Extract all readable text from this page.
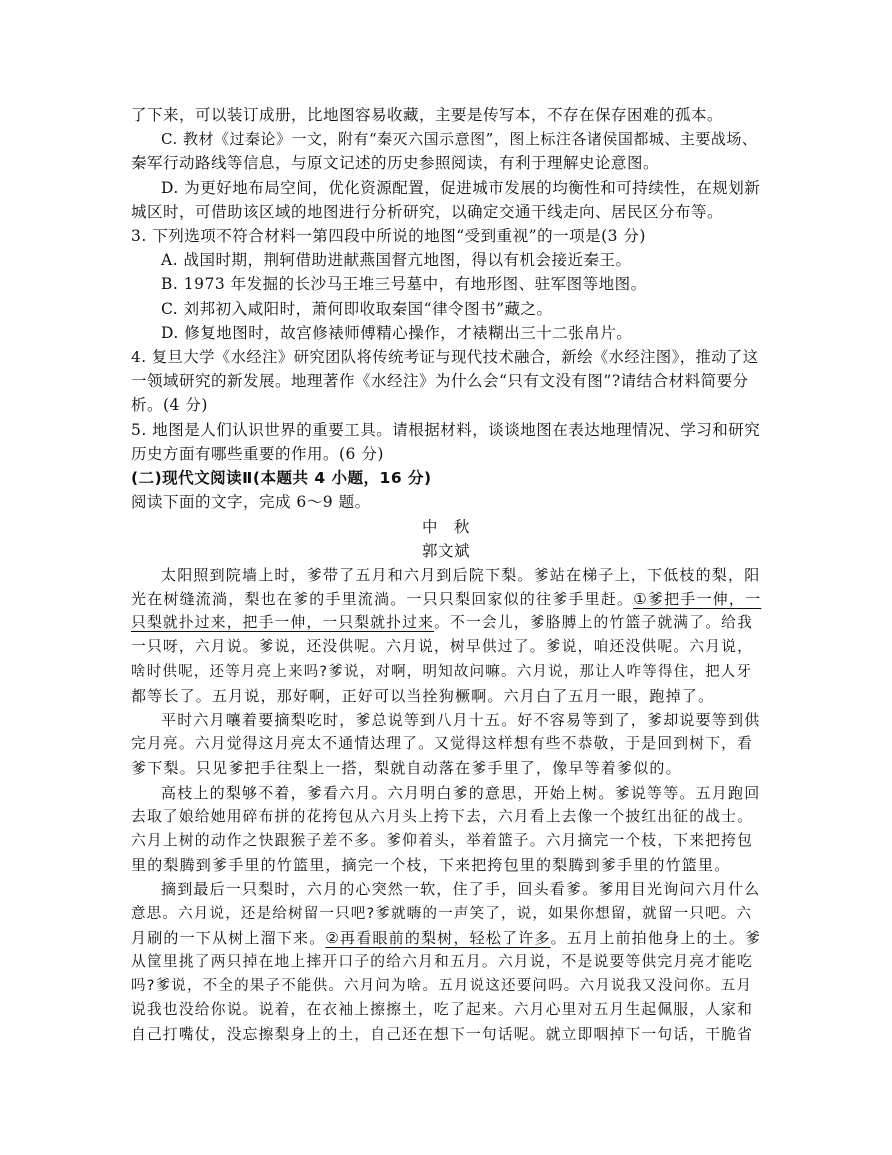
了下来，可以装订成册，比地图容易收藏，主要是传写本，不存在保存困难的孤本。
C. 教材《过秦论》一文，附有“秦灭六国示意图”，图上标注各诸侯国都城、主要战场、
秦军行动路线等信息，与原文记述的历史参照阅读，有利于理解史论意图。
D. 为更好地布局空间，优化资源配置，促进城市发展的均衡性和可持续性，在规划新
城区时，可借助该区域的地图进行分析研究，以确定交通干线走向、居民区分布等。
3. 下列选项不符合材料一第四段中所说的地图“受到重视”的一项是(3 分)
A. 战国时期，荆轲借助进献燕国督亢地图，得以有机会接近秦王。
B. 1973 年发掘的长沙马王堆三号墓中，有地形图、驻军图等地图。
C. 刘邦初入咸阳时，萧何即收取秦国“律令图书”藏之。
D. 修复地图时，故宫修裱师傅精心操作，才裱糊出三十二张帛片。
4. 复旦大学《水经注》研究团队将传统考证与现代技术融合，新绘《水经注图》，推动了这
一领域研究的新发展。地理著作《水经注》为什么会“只有文没有图”?请结合材料简要分
析。(4 分)
5. 地图是人们认识世界的重要工具。请根据材料，谈谈地图在表达地理情况、学习和研究
历史方面有哪些重要的作用。(6 分)
(二)现代文阅读Ⅱ(本题共 4 小题，16 分)
阅读下面的文字，完成 6～9 题。
中　秋
郭文斌
太阳照到院墙上时，爹带了五月和六月到后院下梨。爹站在梯子上，下低枝的梨，阳
光在树缝流淌，梨也在爹的手里流淌。一只只梨回家似的往爹手里赶。①爹把手一伸，一
只梨就扑过来，把手一伸，一只梨就扑过来。不一会儿，爹胳膊上的竹篮子就满了。给我
一只呀，六月说。爹说，还没供呢。六月说，树早供过了。爹说，咱还没供呢。六月说，
啥时供呢，还等月亮上来吗?爹说，对啊，明知故问嘛。六月说，那让人咋等得住，把人牙
都等长了。五月说，那好啊，正好可以当拴狗橛啊。六月白了五月一眼，跑掉了。
平时六月嚷着要摘梨吃时，爹总说等到八月十五。好不容易等到了，爹却说要等到供
完月亮。六月觉得这月亮太不通情达理了。又觉得这样想有些不恭敬，于是回到树下，看
爹下梨。只见爹把手往梨上一搭，梨就自动落在爹手里了，像早等着爹似的。
高枝上的梨够不着，爹看六月。六月明白爹的意思，开始上树。爹说等等。五月跑回
去取了娘给她用碎布拼的花挎包从六月头上挎下去，六月看上去像一个披红出征的战士。
六月上树的动作之快跟猴子差不多。爹仰着头，举着篮子。六月摘完一个枝，下来把挎包
里的梨腾到爹手里的竹篮里，摘完一个枝，下来把挎包里的梨腾到爹手里的竹篮里。
摘到最后一只梨时，六月的心突然一软，住了手，回头看爹。爹用目光询问六月什么
意思。六月说，还是给树留一只吧?爹就嗨的一声笑了，说，如果你想留，就留一只吧。六
月刷的一下从树上溜下来。②再看眼前的梨树，轻松了许多。五月上前拍他身上的土。爹
从筐里挑了两只掉在地上摔开口子的给六月和五月。六月说，不是说要等供完月亮才能吃
吗?爹说，不全的果子不能供。六月问为啥。五月说这还要问吗。六月说我又没问你。五月
说我也没给你说。说着，在衣袖上擦擦土，吃了起来。六月心里对五月生起佩服，人家和
自己打嘴仗，没忘擦梨身上的土，自己还在想下一句话呢。就立即咽掉下一句话，干脆省
